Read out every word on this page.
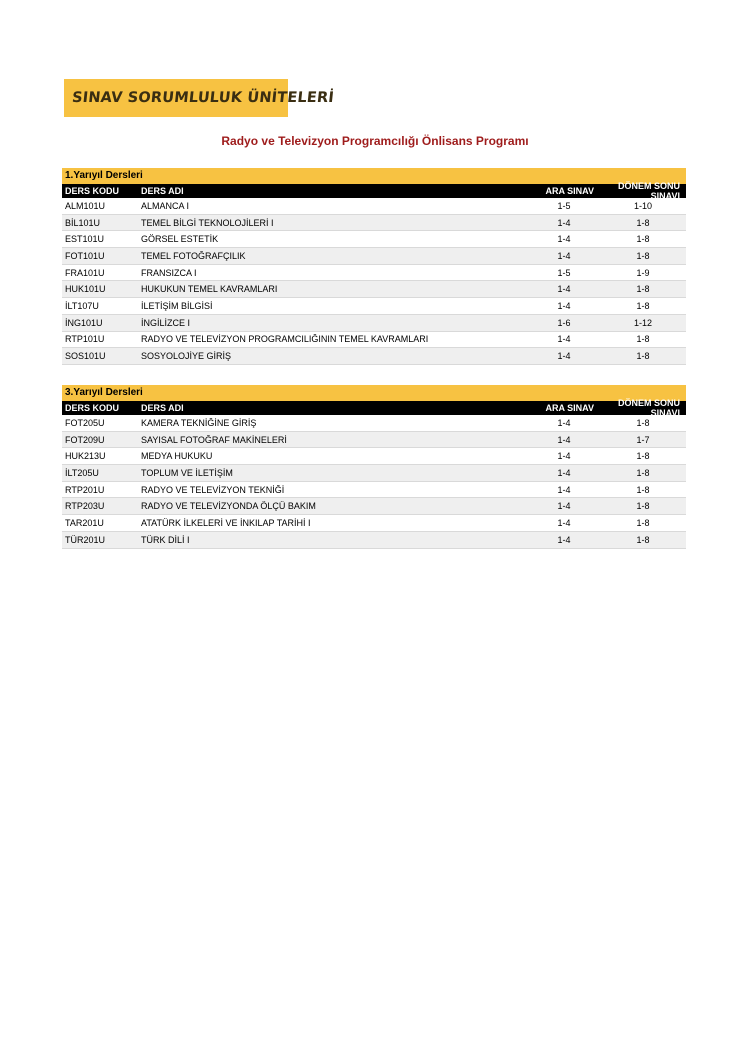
SINAV SORUMLULUK ÜNİTELERİ
Radyo ve Televizyon Programcılığı Önlisans Programı
1.Yarıyıl Dersleri
DERS KODU	DERS ADI	ARA SINAV	DÖNEM SONU SINAVI
ALM101U	ALMANCA I	1-5	1-10
BİL101U	TEMEL BİLGİ TEKNOLOJİLERİ I	1-4	1-8
EST101U	GÖRSEL ESTETİK	1-4	1-8
FOT101U	TEMEL FOTOĞRAFÇILIK	1-4	1-8
FRA101U	FRANSIZCA I	1-5	1-9
HUK101U	HUKUKUN TEMEL KAVRAMLARI	1-4	1-8
İLT107U	İLETİŞİM BİLGİSİ	1-4	1-8
İNG101U	İNGİLİZCE I	1-6	1-12
RTP101U	RADYO VE TELEVİZYON PROGRAMCILIĞININ TEMEL KAVRAMLARI	1-4	1-8
SOS101U	SOSYOLOJİYE GİRİŞ	1-4	1-8
3.Yarıyıl Dersleri
DERS KODU	DERS ADI	ARA SINAV	DÖNEM SONU SINAVI
FOT205U	KAMERA TEKNİĞİNE GİRİŞ	1-4	1-8
FOT209U	SAYISAL FOTOĞRAF MAKİNELERİ	1-4	1-7
HUK213U	MEDYA HUKUKU	1-4	1-8
İLT205U	TOPLUM VE İLETİŞİM	1-4	1-8
RTP201U	RADYO VE TELEVİZYON TEKNİĞİ	1-4	1-8
RTP203U	RADYO VE TELEVİZYONDA ÖLÇÜ BAKIM	1-4	1-8
TAR201U	ATATÜRK İLKELERİ VE İNKILAP TARİHİ I	1-4	1-8
TÜR201U	TÜRK DİLİ I	1-4	1-8
